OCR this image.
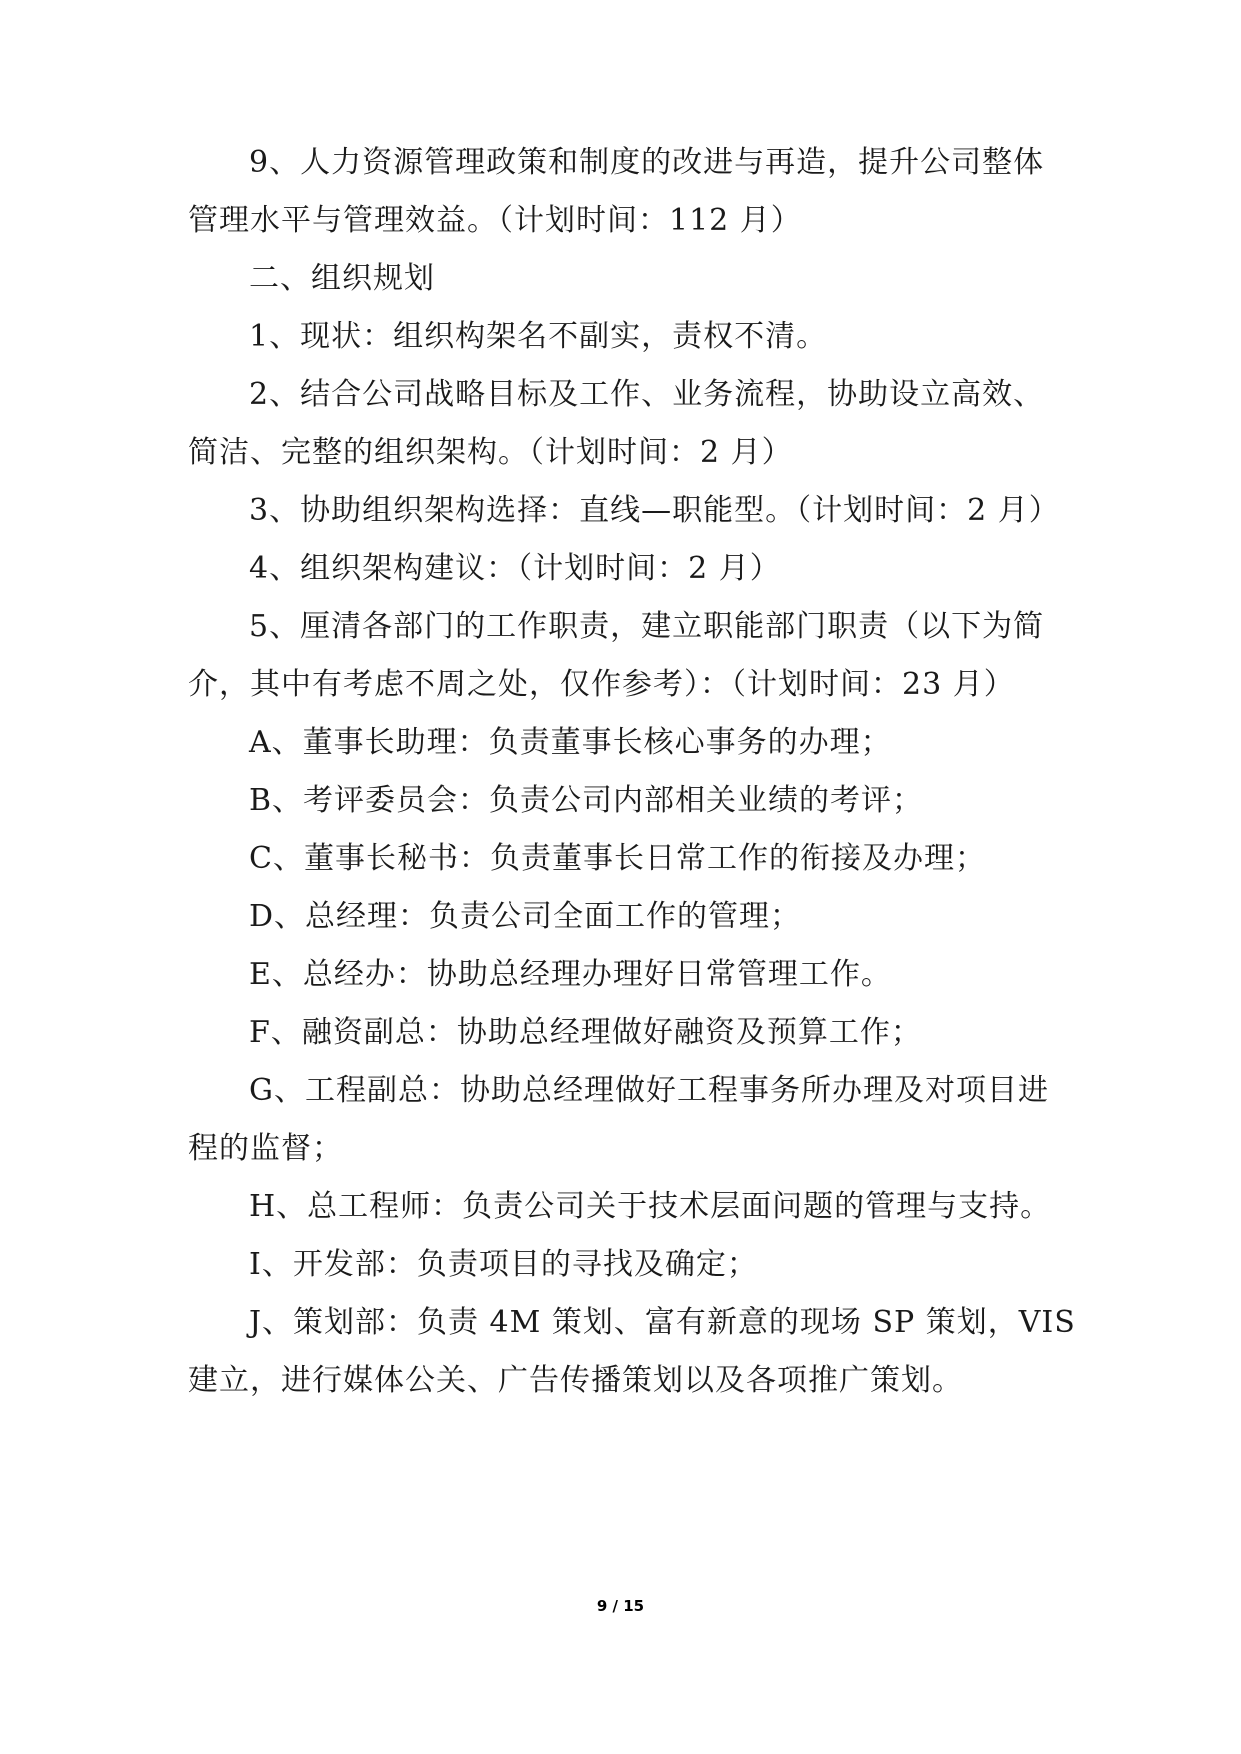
9、人力资源管理政策和制度的改进与再造，提升公司整体
管理水平与管理效益。（计划时间：112 月）
二、组织规划
1、现状：组织构架名不副实，责权不清。
2、结合公司战略目标及工作、业务流程，协助设立高效、
简洁、完整的组织架构。（计划时间：2 月）
3、协助组织架构选择：直线—职能型。（计划时间：2 月）
4、组织架构建议：（计划时间：2 月）
5、厘清各部门的工作职责，建立职能部门职责（以下为简
介，其中有考虑不周之处，仅作参考）：（计划时间：23 月）
A、董事长助理：负责董事长核心事务的办理；
B、考评委员会：负责公司内部相关业绩的考评；
C、董事长秘书：负责董事长日常工作的衔接及办理；
D、总经理：负责公司全面工作的管理；
E、总经办：协助总经理办理好日常管理工作。
F、融资副总：协助总经理做好融资及预算工作；
G、工程副总：协助总经理做好工程事务所办理及对项目进
程的监督；
H、总工程师：负责公司关于技术层面问题的管理与支持。
I、开发部：负责项目的寻找及确定；
J、策划部：负责 4M 策划、富有新意的现场 SP 策划，VIS
建立，进行媒体公关、广告传播策划以及各项推广策划。
9 / 15
